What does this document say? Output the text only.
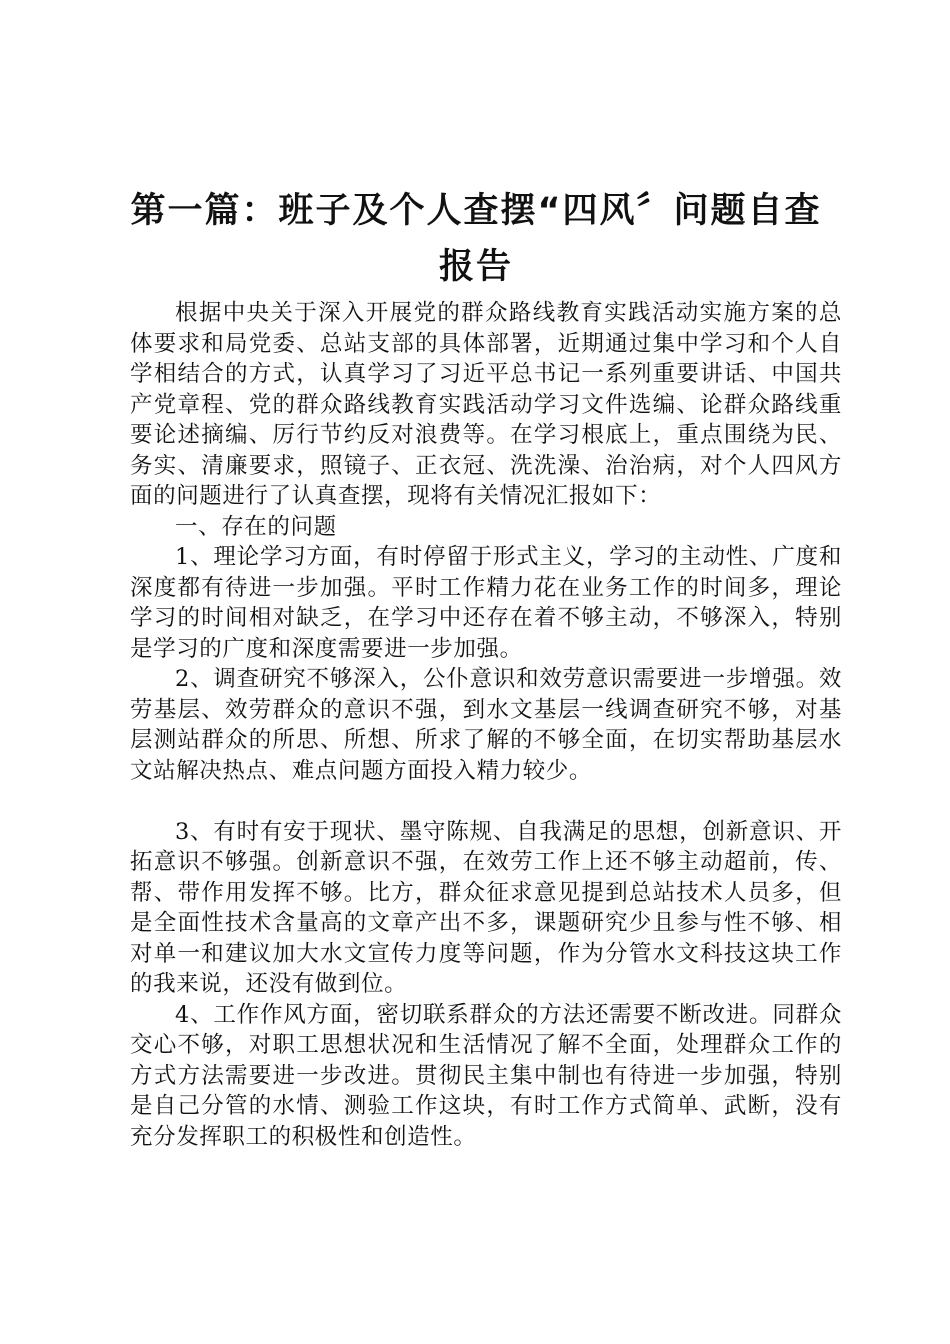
第一篇：班子及个人查摆“四风〞问题自查报告

根据中央关于深入开展党的群众路线教育实践活动实施方案的总体要求和局党委、总站支部的具体部署，近期通过集中学习和个人自学相结合的方式，认真学习了习近平总书记一系列重要讲话、中国共产党章程、党的群众路线教育实践活动学习文件选编、论群众路线重要论述摘编、厉行节约反对浪费等。在学习根底上，重点围绕为民、务实、清廉要求，照镜子、正衣冠、洗洗澡、治治病，对个人四风方面的问题进行了认真查摆，现将有关情况汇报如下：

一、存在的问题

1、理论学习方面，有时停留于形式主义，学习的主动性、广度和深度都有待进一步加强。平时工作精力花在业务工作的时间多，理论学习的时间相对缺乏，在学习中还存在着不够主动，不够深入，特别是学习的广度和深度需要进一步加强。

2、调查研究不够深入，公仆意识和效劳意识需要进一步增强。效劳基层、效劳群众的意识不强，到水文基层一线调查研究不够，对基层测站群众的所思、所想、所求了解的不够全面，在切实帮助基层水文站解决热点、难点问题方面投入精力较少。

3、有时有安于现状、墨守陈规、自我满足的思想，创新意识、开拓意识不够强。创新意识不强，在效劳工作上还不够主动超前，传、帮、带作用发挥不够。比方，群众征求意见提到总站技术人员多，但是全面性技术含量高的文章产出不多，课题研究少且参与性不够、相对单一和建议加大水文宣传力度等问题，作为分管水文科技这块工作的我来说，还没有做到位。

4、工作作风方面，密切联系群众的方法还需要不断改进。同群众交心不够，对职工思想状况和生活情况了解不全面，处理群众工作的方式方法需要进一步改进。贯彻民主集中制也有待进一步加强，特别是自己分管的水情、测验工作这块，有时工作方式简单、武断，没有充分发挥职工的积极性和创造性。
